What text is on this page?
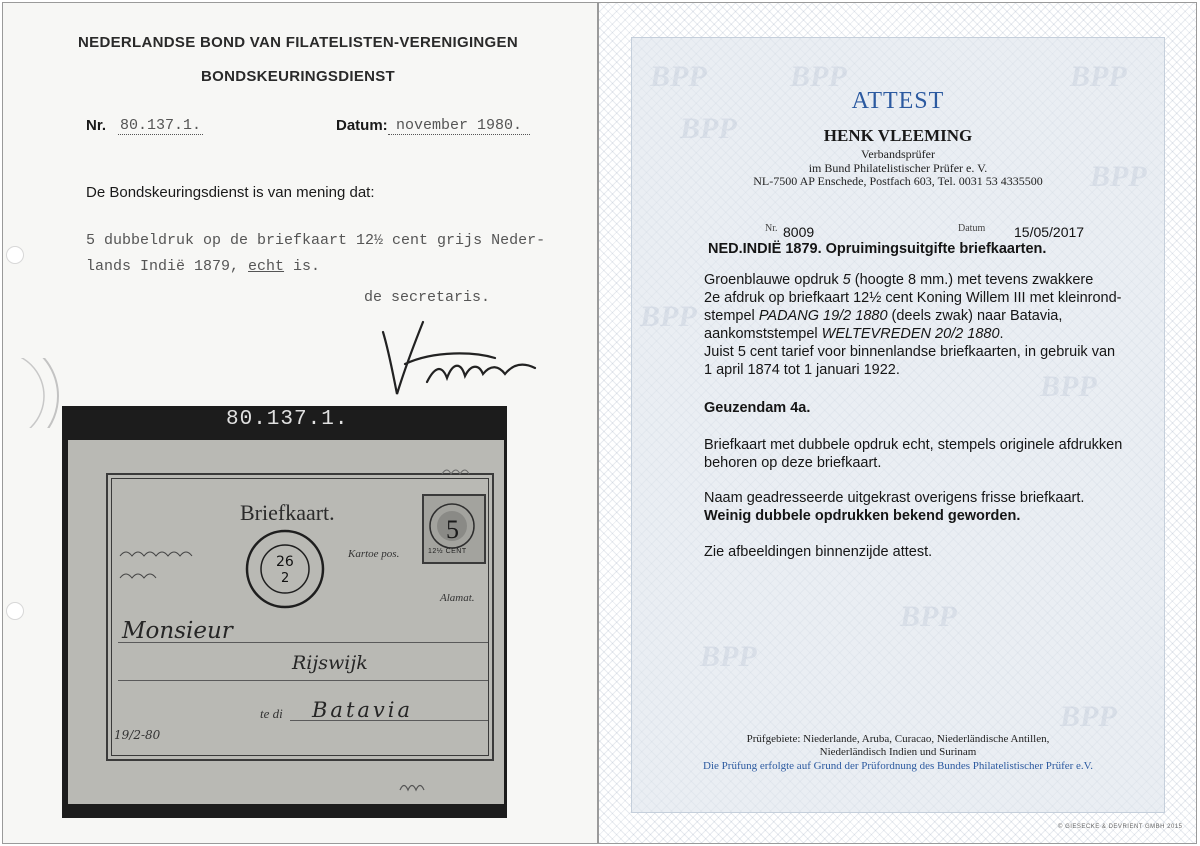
NEDERLANDSE BOND VAN FILATELISTEN-VERENIGINGEN
BONDSKEURINGSDIENST
Nr. 80.137.1.	Datum: november 1980.
De Bondskeuringsdienst is van mening dat:
5 dubbeldruk op de briefkaart 12½ cent grijs Neder-
lands Indië 1879, echt is.
de secretaris.
80.137.1.
Briefkaart.
5
12½ CENT
Kartoe pos.
Alamat.
26
2
Monsieur
Rijswijk
te di Batavia
19/2-80
BPP	BPP	BPP
BPP
BPP
BPP
BPP
BPP
BPP
BPP
ATTEST
HENK VLEEMING
Verbandsprüfer
im Bund Philatelistischer Prüfer e. V.
NL-7500 AP Enschede, Postfach 603, Tel. 0031 53 4335500
Nr. 8009	Datum 15/05/2017
NED.INDIË 1879. Opruimingsuitgifte briefkaarten.
Groenblauwe opdruk 5 (hoogte 8 mm.) met tevens zwakkere
2e afdruk op briefkaart 12½ cent Koning Willem III met kleinrond-
stempel PADANG 19/2 1880 (deels zwak) naar Batavia,
aankomststempel WELTEVREDEN 20/2 1880.
Juist 5 cent tarief voor binnenlandse briefkaarten, in gebruik van
1 april 1874 tot 1 januari 1922.
Geuzendam 4a.
Briefkaart met dubbele opdruk echt, stempels originele afdrukken
behoren op deze briefkaart.
Naam geadresseerde uitgekrast overigens frisse briefkaart.
Weinig dubbele opdrukken bekend geworden.
Zie afbeeldingen binnenzijde attest.
Prüfgebiete: Niederlande, Aruba, Curacao, Niederländische Antillen,
Niederländisch Indien und Surinam
Die Prüfung erfolgte auf Grund der Prüfordnung des Bundes Philatelistischer Prüfer e.V.
© GIESECKE & DEVRIENT GMBH 2015
